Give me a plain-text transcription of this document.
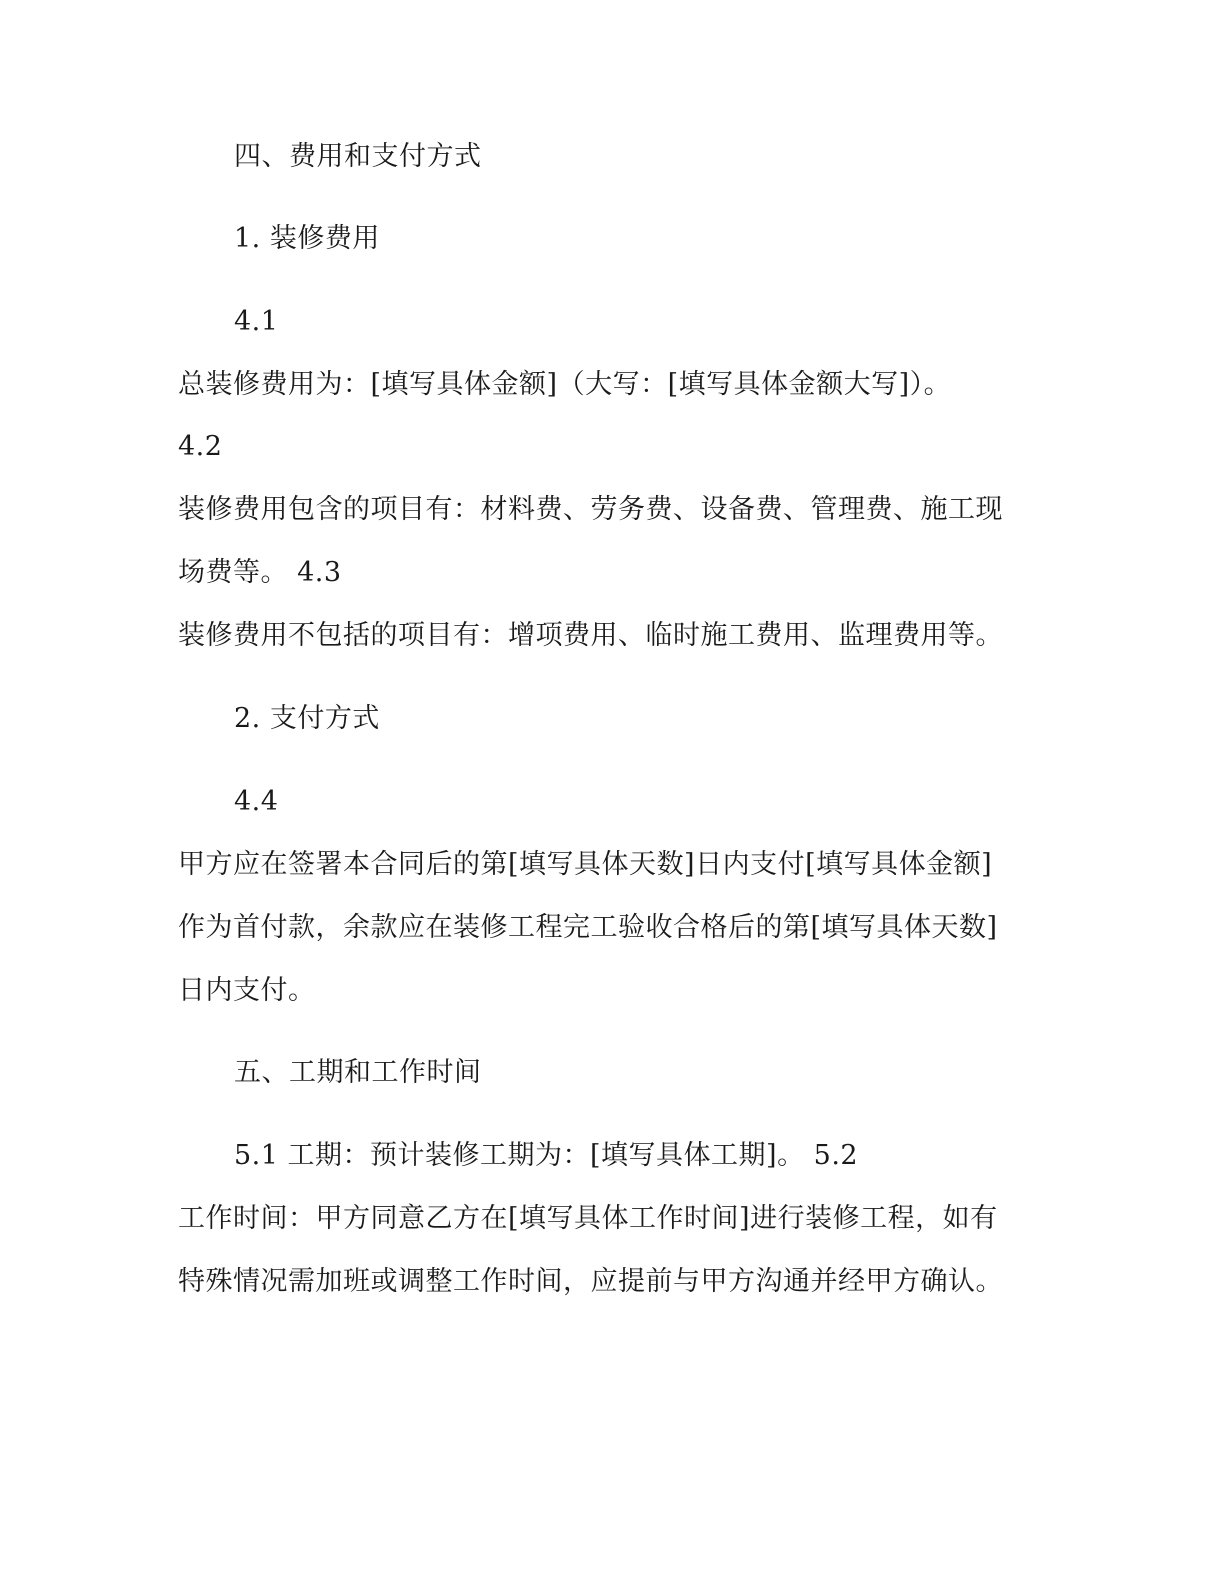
四、费用和支付方式
1. 装修费用
4.1
总装修费用为：[填写具体金额]（大写：[填写具体金额大写]）。
4.2
装修费用包含的项目有：材料费、劳务费、设备费、管理费、施工现
场费等。 4.3
装修费用不包括的项目有：增项费用、临时施工费用、监理费用等。
2. 支付方式
4.4
甲方应在签署本合同后的第[填写具体天数]日内支付[填写具体金额]
作为首付款，余款应在装修工程完工验收合格后的第[填写具体天数]
日内支付。
五、工期和工作时间
5.1 工期：预计装修工期为：[填写具体工期]。 5.2
工作时间：甲方同意乙方在[填写具体工作时间]进行装修工程，如有
特殊情况需加班或调整工作时间，应提前与甲方沟通并经甲方确认。
